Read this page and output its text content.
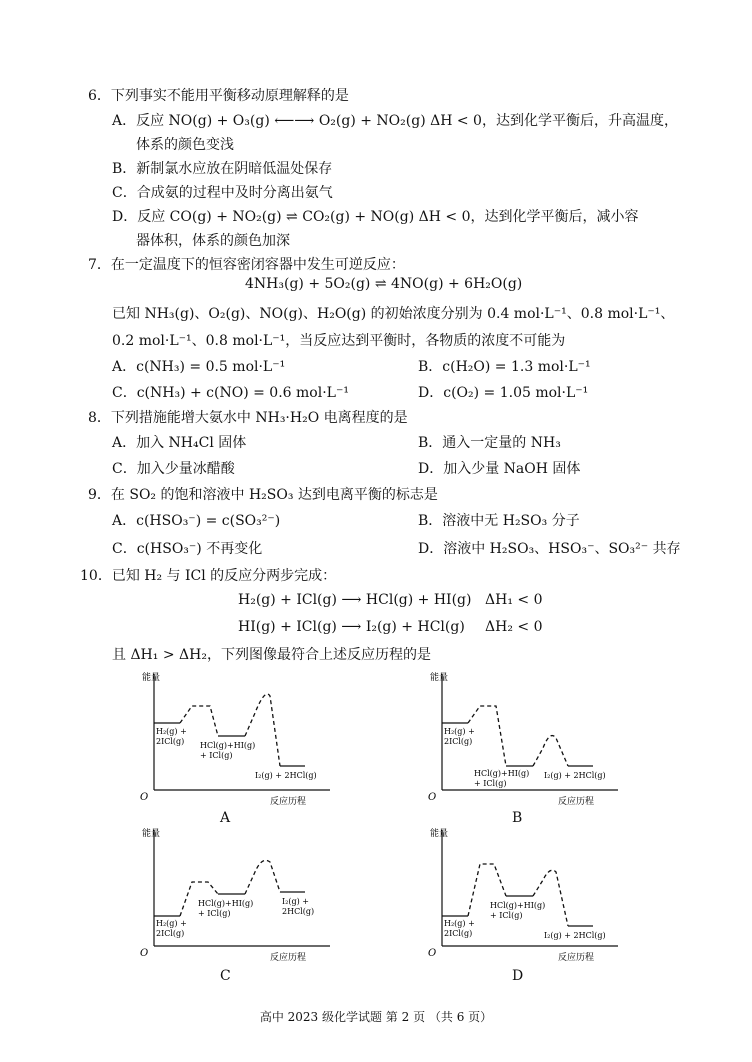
6．下列事实不能用平衡移动原理解释的是
A．反应 NO(g) + O₃(g) ⟵⟶ O₂(g) + NO₂(g) ΔH < 0，达到化学平衡后，升高温度，
体系的颜色变浅
B．新制氯水应放在阴暗低温处保存
C．合成氨的过程中及时分离出氨气
D．反应 CO(g) + NO₂(g) ⇌ CO₂(g) + NO(g) ΔH < 0，达到化学平衡后，减小容
器体积，体系的颜色加深
7．在一定温度下的恒容密闭容器中发生可逆反应：
4NH₃(g) + 5O₂(g) ⇌ 4NO(g) + 6H₂O(g)
已知 NH₃(g)、O₂(g)、NO(g)、H₂O(g) 的初始浓度分别为 0.4 mol·L⁻¹、0.8 mol·L⁻¹、
0.2 mol·L⁻¹、0.8 mol·L⁻¹，当反应达到平衡时，各物质的浓度不可能为
A．c(NH₃) = 0.5 mol·L⁻¹	B．c(H₂O) = 1.3 mol·L⁻¹
C．c(NH₃) + c(NO) = 0.6 mol·L⁻¹	D．c(O₂) = 1.05 mol·L⁻¹
8．下列措施能增大氨水中 NH₃·H₂O 电离程度的是
A．加入 NH₄Cl 固体	B．通入一定量的 NH₃
C．加入少量冰醋酸	D．加入少量 NaOH 固体
9．在 SO₂ 的饱和溶液中 H₂SO₃ 达到电离平衡的标志是
A．c(HSO₃⁻) = c(SO₃²⁻)	B．溶液中无 H₂SO₃ 分子
C．c(HSO₃⁻) 不再变化	D．溶液中 H₂SO₃、HSO₃⁻、SO₃²⁻ 共存
10．已知 H₂ 与 ICl 的反应分两步完成：
H₂(g) + ICl(g) ⟶ HCl(g) + HI(g) ΔH₁ < 0
HI(g) + ICl(g) ⟶ I₂(g) + HCl(g) ΔH₂ < 0
且 ΔH₁ > ΔH₂，下列图像最符合上述反应历程的是
能量
O	反应历程
H₂(g) +
2ICl(g) HCl(g)+HI(g)
+ ICl(g)
I₂(g) + 2HCl(g)
A
能量
O	反应历程
H₂(g) +
2ICl(g)
HCl(g)+HI(g)
+ ICl(g)
I₂(g) + 2HCl(g)
B
能量
O	反应历程
H₂(g) +
2ICl(g)
HCl(g)+HI(g)
+ ICl(g)
I₂(g) +
2HCl(g)
C
能量
O	反应历程
H₂(g) +
2ICl(g)
HCl(g)+HI(g)
+ ICl(g)
I₂(g) + 2HCl(g)
D
高中 2023 级化学试题 第 2 页 （共 6 页）
